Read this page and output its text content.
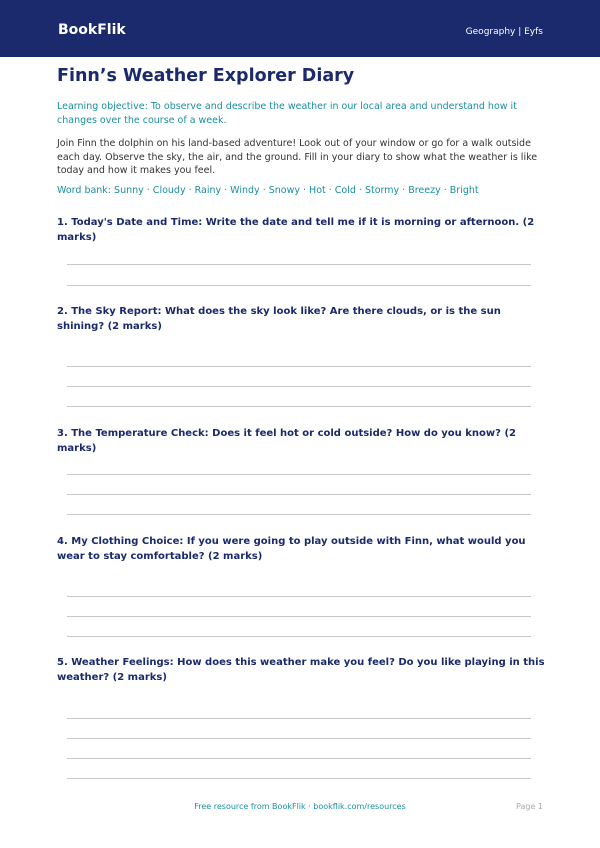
BookFlik	Geography | Eyfs
Finn’s Weather Explorer Diary
Learning objective: To observe and describe the weather in our local area and understand how it changes over the course of a week.
Join Finn the dolphin on his land-based adventure! Look out of your window or go for a walk outside each day. Observe the sky, the air, and the ground. Fill in your diary to show what the weather is like today and how it makes you feel.
Word bank: Sunny · Cloudy · Rainy · Windy · Snowy · Hot · Cold · Stormy · Breezy · Bright
1. Today's Date and Time: Write the date and tell me if it is morning or afternoon. (2 marks)
2. The Sky Report: What does the sky look like? Are there clouds, or is the sun shining? (2 marks)
3. The Temperature Check: Does it feel hot or cold outside? How do you know? (2 marks)
4. My Clothing Choice: If you were going to play outside with Finn, what would you wear to stay comfortable? (2 marks)
5. Weather Feelings: How does this weather make you feel? Do you like playing in this weather? (2 marks)
Free resource from BookFlik · bookflik.com/resources	Page 1
